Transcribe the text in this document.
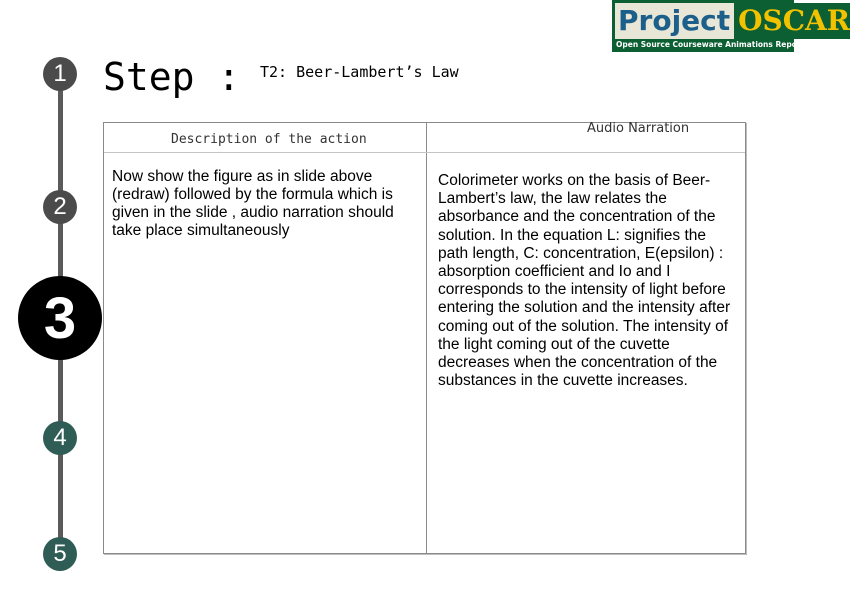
Project OSCAR
Open Source Courseware Animations Repository
1
2
3
4
5
Step : T2: Beer-Lambert’s Law
Description of the action
Audio Narration
Now show the figure as in slide above (redraw) followed by the formula which is given in the slide , audio narration should take place simultaneously
Colorimeter works on the basis of Beer-Lambert’s law, the law relates the absorbance and the concentration of the solution. In the equation L: signifies the path length, C: concentration, E(epsilon) : absorption coefficient and Io and I corresponds to the intensity of light before entering the solution and the intensity after coming out of the solution. The intensity of the light coming out of the cuvette decreases when the concentration of the substances in the cuvette increases.
